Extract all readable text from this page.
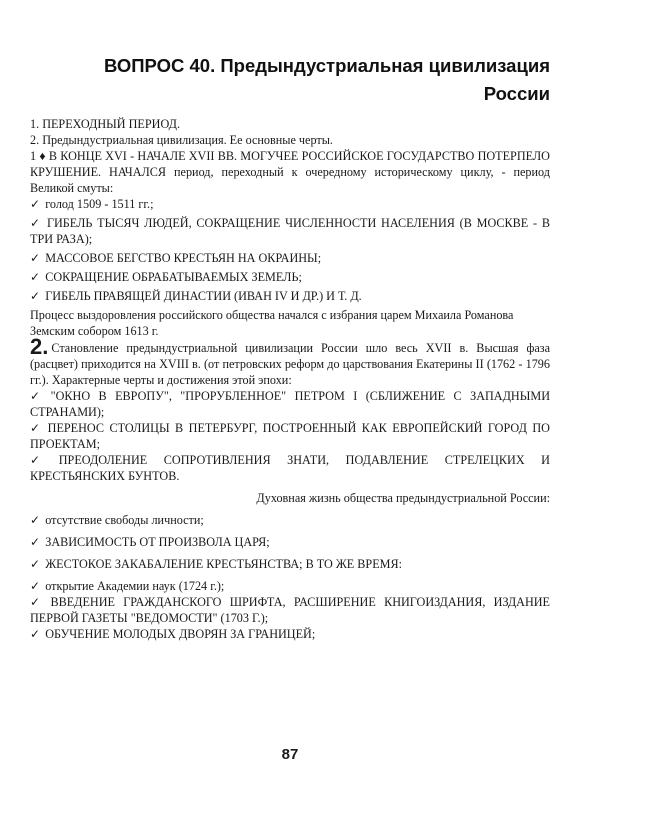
ВОПРОС 40. Предындустриальная цивилизация
России

1. ПЕРЕХОДНЫЙ ПЕРИОД.

2. Предындустриальная цивилизация. Ее основные черты.

1 ♦ В КОНЦЕ XVI - НАЧАЛЕ XVII ВВ. МОГУЧЕЕ РОССИЙСКОЕ ГОСУДАРСТВО ПОТЕРПЕЛО КРУШЕНИЕ. НАЧАЛСЯ период, переходный к очередному историческому циклу, - период Великой смуты:

✓ голод 1509 - 1511 гг.;

✓ ГИБЕЛЬ ТЫСЯЧ ЛЮДЕЙ, СОКРАЩЕНИЕ ЧИСЛЕННОСТИ НАСЕЛЕНИЯ (В МОСКВЕ - В ТРИ РАЗА);

✓ МАССОВОЕ БЕГСТВО КРЕСТЬЯН НА ОКРАИНЫ;

✓ СОКРАЩЕНИЕ ОБРАБАТЫВАЕМЫХ ЗЕМЕЛЬ;

✓ ГИБЕЛЬ ПРАВЯЩЕЙ ДИНАСТИИ (ИВАН IV И ДР.) И Т. Д.

Процесс выздоровления российского общества начался с избрания царем Михаила Романова Земским собором 1613 г.

2. Становление предындустриальной цивилизации России шло весь XVII в. Высшая фаза (расцвет) приходится на XVIII в. (от петровских реформ до царствования Екатерины II (1762 - 1796 гг.). Характерные черты и достижения этой эпохи:

✓ "ОКНО В ЕВРОПУ", "ПРОРУБЛЕННОЕ" ПЕТРОМ I (СБЛИЖЕНИЕ С ЗАПАДНЫМИ СТРАНАМИ);

✓ ПЕРЕНОС СТОЛИЦЫ В ПЕТЕРБУРГ, ПОСТРОЕННЫЙ КАК ЕВРОПЕЙСКИЙ ГОРОД ПО ПРОЕКТАМ;

✓ ПРЕОДОЛЕНИЕ СОПРОТИВЛЕНИЯ ЗНАТИ, ПОДАВЛЕНИЕ СТРЕЛЕЦКИХ И КРЕСТЬЯНСКИХ БУНТОВ.

Духовная жизнь общества предындустриальной России:

✓ отсутствие свободы личности;

✓ ЗАВИСИМОСТЬ ОТ ПРОИЗВОЛА ЦАРЯ;

✓ ЖЕСТОКОЕ ЗАКАБАЛЕНИЕ КРЕСТЬЯНСТВА; В ТО ЖЕ ВРЕМЯ:

✓ открытие Академии наук (1724 г.);

✓ ВВЕДЕНИЕ ГРАЖДАНСКОГО ШРИФТА, РАСШИРЕНИЕ КНИГОИЗДАНИЯ, ИЗДАНИЕ ПЕРВОЙ ГАЗЕТЫ "ВЕДОМОСТИ" (1703 Г.);

✓ ОБУЧЕНИЕ МОЛОДЫХ ДВОРЯН ЗА ГРАНИЦЕЙ;

87
